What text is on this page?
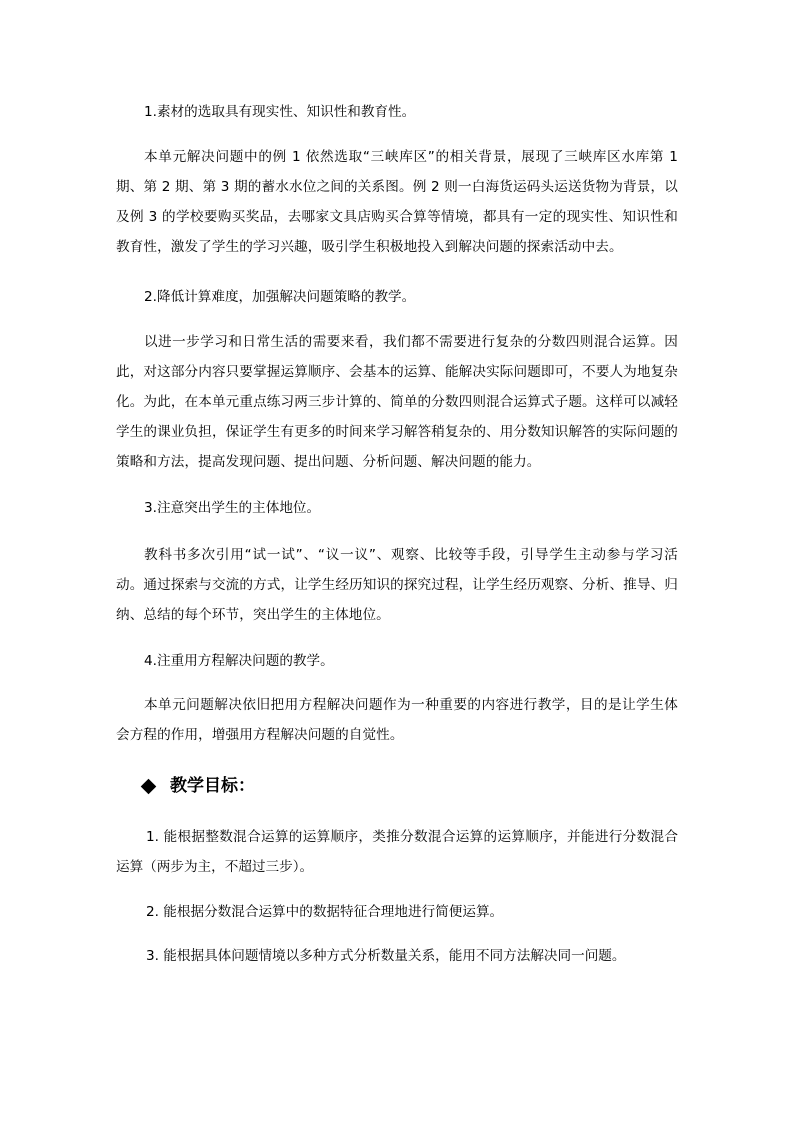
1.素材的选取具有现实性、知识性和教育性。

本单元解决问题中的例 1 依然选取“三峡库区”的相关背景，展现了三峡库区水库第 1 期、第 2 期、第 3 期的蓄水水位之间的关系图。例 2 则一白海货运码头运送货物为背景，以及例 3 的学校要购买奖品，去哪家文具店购买合算等情境，都具有一定的现实性、知识性和教育性，激发了学生的学习兴趣，吸引学生积极地投入到解决问题的探索活动中去。

2.降低计算难度，加强解决问题策略的教学。

以进一步学习和日常生活的需要来看，我们都不需要进行复杂的分数四则混合运算。因此，对这部分内容只要掌握运算顺序、会基本的运算、能解决实际问题即可，不要人为地复杂化。为此，在本单元重点练习两三步计算的、简单的分数四则混合运算式子题。这样可以减轻学生的课业负担，保证学生有更多的时间来学习解答稍复杂的、用分数知识解答的实际问题的策略和方法，提高发现问题、提出问题、分析问题、解决问题的能力。

3.注意突出学生的主体地位。

教科书多次引用“试一试”、“议一议”、观察、比较等手段，引导学生主动参与学习活动。通过探索与交流的方式，让学生经历知识的探究过程，让学生经历观察、分析、推导、归纳、总结的每个环节，突出学生的主体地位。

4.注重用方程解决问题的教学。

本单元问题解决依旧把用方程解决问题作为一种重要的内容进行教学，目的是让学生体会方程的作用，增强用方程解决问题的自觉性。

教学目标：

1. 能根据整数混合运算的运算顺序，类推分数混合运算的运算顺序，并能进行分数混合运算（两步为主，不超过三步）。

2. 能根据分数混合运算中的数据特征合理地进行简便运算。

3. 能根据具体问题情境以多种方式分析数量关系，能用不同方法解决同一问题。
